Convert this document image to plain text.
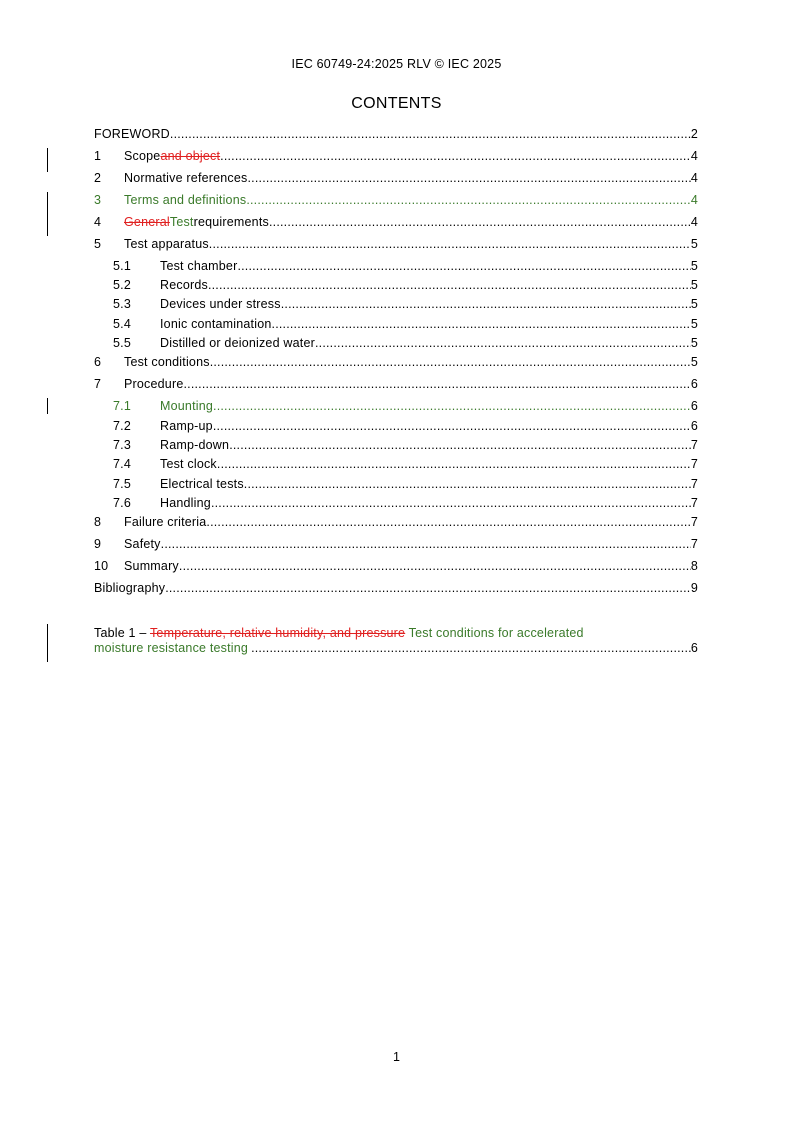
IEC 60749-24:2025 RLV © IEC 2025
CONTENTS
FOREWORD .....	2
1	Scope and object .....	4
2	Normative references .....	4
3	Terms and definitions .....	4
4	General Test requirements .....	4
5	Test apparatus .....	5
5.1	Test chamber .....	5
5.2	Records .....	5
5.3	Devices under stress .....	5
5.4	Ionic contamination .....	5
5.5	Distilled or deionized water .....	5
6	Test conditions .....	5
7	Procedure .....	6
7.1	Mounting .....	6
7.2	Ramp-up .....	6
7.3	Ramp-down .....	7
7.4	Test clock .....	7
7.5	Electrical tests .....	7
7.6	Handling .....	7
8	Failure criteria .....	7
9	Safety .....	7
10	Summary .....	8
Bibliography .....	9
Table 1 – Temperature, relative humidity, and pressure Test conditions for accelerated
moisture resistance testing .....	6
1
